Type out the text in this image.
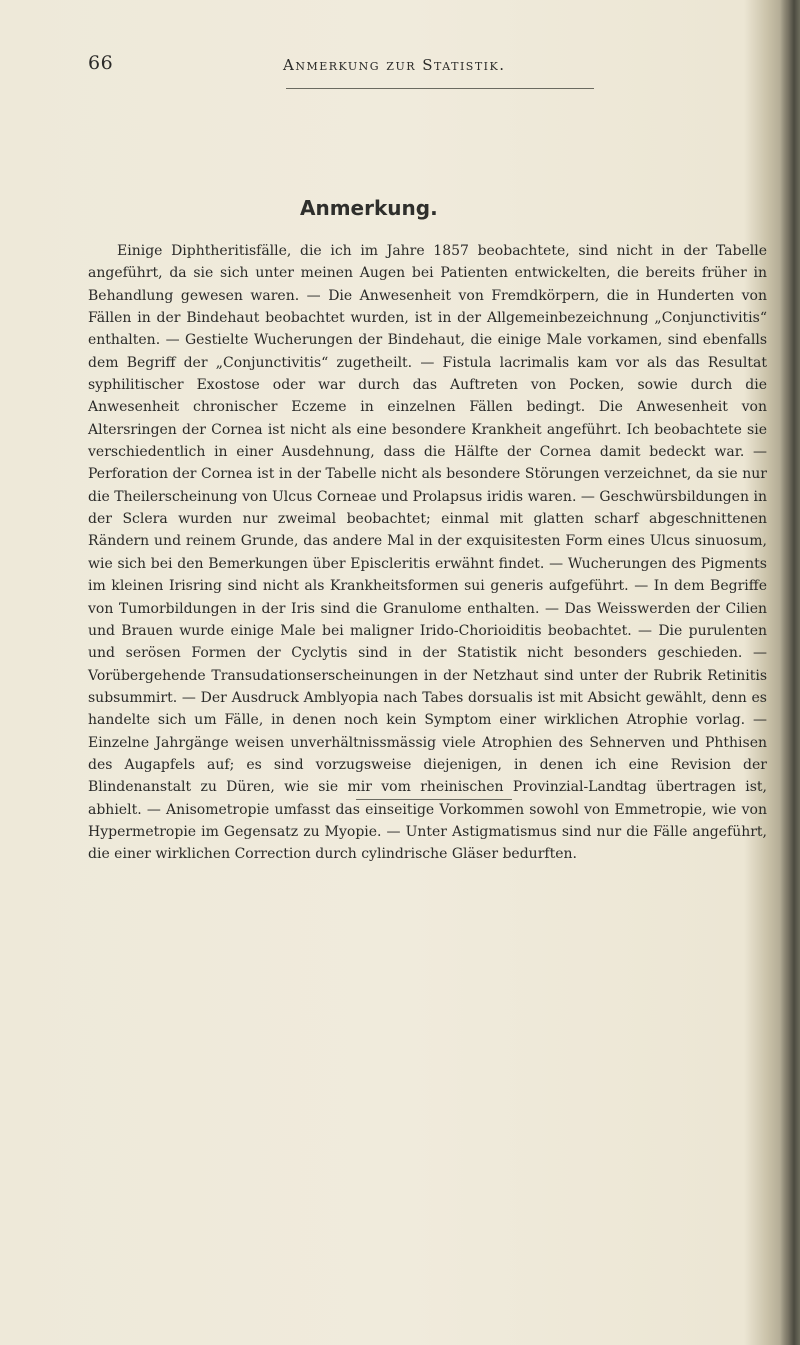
66	Anmerkung zur Statistik.
Anmerkung.

Einige Diphtheritisfälle, die ich im Jahre 1857 beobachtete, sind nicht in der Tabelle angeführt, da sie sich unter meinen Augen bei Patienten entwickelten, die bereits früher in Behandlung gewesen waren. — Die Anwesenheit von Fremdkörpern, die in Hunderten von Fällen in der Bindehaut beobachtet wurden, ist in der Allgemeinbezeichnung „Conjunctivitis“ enthalten. — Gestielte Wucherungen der Bindehaut, die einige Male vorkamen, sind ebenfalls dem Begriff der „Conjunctivitis“ zugetheilt. — Fistula lacrimalis kam vor als das Resultat syphilitischer Exostose oder war durch das Auftreten von Pocken, sowie durch die Anwesenheit chronischer Eczeme in einzelnen Fällen bedingt. Die Anwesenheit von Altersringen der Cornea ist nicht als eine besondere Krankheit angeführt. Ich beobachtete sie verschiedentlich in einer Ausdehnung, dass die Hälfte der Cornea damit bedeckt war. — Perforation der Cornea ist in der Tabelle nicht als besondere Störungen verzeichnet, da sie nur die Theilerscheinung von Ulcus Corneae und Prolapsus iridis waren. — Geschwürsbildungen in der Sclera wurden nur zweimal beobachtet; einmal mit glatten scharf abgeschnittenen Rändern und reinem Grunde, das andere Mal in der exquisitesten Form eines Ulcus sinuosum, wie sich bei den Bemerkungen über Episcleritis erwähnt findet. — Wucherungen des Pigments im kleinen Irisring sind nicht als Krankheitsformen sui generis aufgeführt. — In dem Begriffe von Tumorbildungen in der Iris sind die Granulome enthalten. — Das Weisswerden der Cilien und Brauen wurde einige Male bei maligner Irido-Chorioiditis beobachtet. — Die purulenten und serösen Formen der Cyclytis sind in der Statistik nicht besonders geschieden. — Vorübergehende Transudationserscheinungen in der Netzhaut sind unter der Rubrik Retinitis subsummirt. — Der Ausdruck Amblyopia nach Tabes dorsualis ist mit Absicht gewählt, denn es handelte sich um Fälle, in denen noch kein Symptom einer wirklichen Atrophie vorlag. — Einzelne Jahrgänge weisen unverhältnissmässig viele Atrophien des Sehnerven und Phthisen des Augapfels auf; es sind vorzugsweise diejenigen, in denen ich eine Revision der Blindenanstalt zu Düren, wie sie mir vom rheinischen Provinzial-Landtag übertragen ist, abhielt. — Anisometropie umfasst das einseitige Vorkommen sowohl von Emmetropie, wie von Hypermetropie im Gegensatz zu Myopie. — Unter Astigmatismus sind nur die Fälle angeführt, die einer wirklichen Correction durch cylindrische Gläser bedurften.
